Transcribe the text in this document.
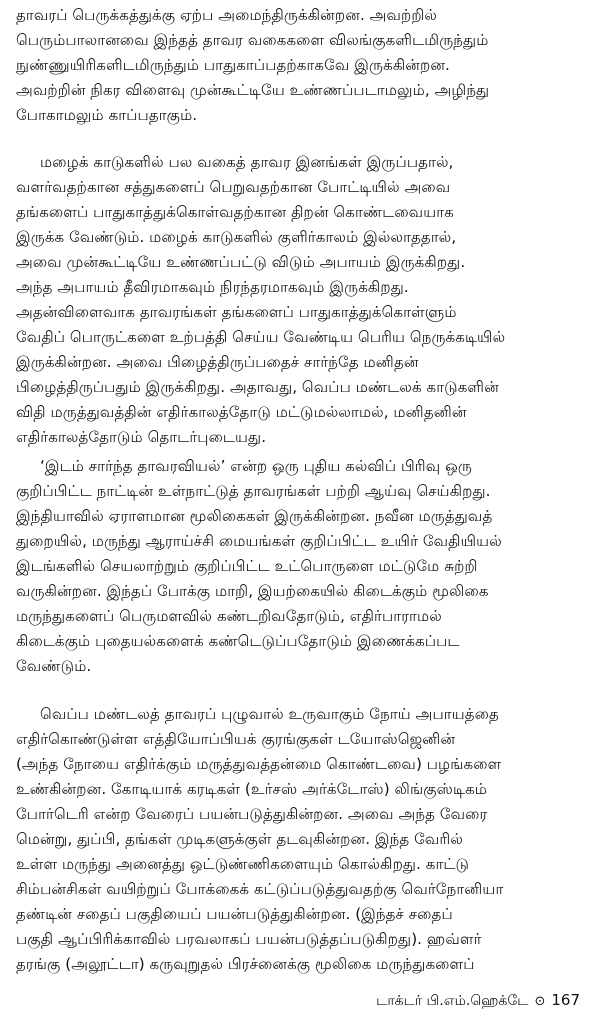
தாவரப் பெருக்கத்துக்கு ஏற்ப அமைந்திருக்கின்றன. அவற்றில்
பெரும்பாலானவை இந்தத் தாவர வகைகளை விலங்குகளிடமிருந்தும்
நுண்ணுயிரிகளிடமிருந்தும் பாதுகாப்பதற்காகவே இருக்கின்றன.
அவற்றின் நிகர விளைவு முன்கூட்டியே உண்ணப்படாமலும், அழிந்து
போகாமலும் காப்பதாகும்.
மழைக் காடுகளில் பல வகைத் தாவர இனங்கள் இருப்பதால்,
வளர்வதற்கான சத்துகளைப் பெறுவதற்கான போட்டியில் அவை
தங்களைப் பாதுகாத்துக்கொள்வதற்கான திறன் கொண்டவையாக
இருக்க வேண்டும். மழைக் காடுகளில் குளிர்காலம் இல்லாததால்,
அவை முன்கூட்டியே உண்ணப்பட்டு விடும் அபாயம் இருக்கிறது.
அந்த அபாயம் தீவிரமாகவும் நிரந்தரமாகவும் இருக்கிறது.
அதன்விளைவாக தாவரங்கள் தங்களைப் பாதுகாத்துக்கொள்ளும்
வேதிப் பொருட்களை உற்பத்தி செய்ய வேண்டிய பெரிய நெருக்கடியில்
இருக்கின்றன. அவை பிழைத்திருப்பதைச் சார்ந்தே மனிதன்
பிழைத்திருப்பதும் இருக்கிறது. அதாவது, வெப்ப மண்டலக் காடுகளின்
விதி மருத்துவத்தின் எதிர்காலத்தோடு மட்டுமல்லாமல், மனிதனின்
எதிர்காலத்தோடும் தொடர்புடையது.
‘இடம் சார்ந்த தாவரவியல்’ என்ற ஒரு புதிய கல்விப் பிரிவு ஒரு
குறிப்பிட்ட நாட்டின் உள்நாட்டுத் தாவரங்கள் பற்றி ஆய்வு செய்கிறது.
இந்தியாவில் ஏராளமான மூலிகைகள் இருக்கின்றன. நவீன மருத்துவத்
துறையில், மருந்து ஆராய்ச்சி மையங்கள் குறிப்பிட்ட உயிர் வேதியியல்
இடங்களில் செயலாற்றும் குறிப்பிட்ட உட்பொருளை மட்டுமே சுற்றி
வருகின்றன. இந்தப் போக்கு மாறி, இயற்கையில் கிடைக்கும் மூலிகை
மருந்துகளைப் பெருமளவில் கண்டறிவதோடும், எதிர்பாராமல்
கிடைக்கும் புதையல்களைக் கண்டெடுப்பதோடும் இணைக்கப்பட
வேண்டும்.
வெப்ப மண்டலத் தாவரப் புழுவால் உருவாகும் நோய் அபாயத்தை
எதிர்கொண்டுள்ள எத்தியோப்பியக் குரங்குகள் டயோஸ்ஜெனின்
(அந்த நோயை எதிர்க்கும் மருத்துவத்தன்மை கொண்டவை) பழங்களை
உண்கின்றன. கோடியாக் கரடிகள் (உர்சஸ் அர்க்டோஸ்) லிங்குஸ்டிகம்
போர்டெரி என்ற வேரைப் பயன்படுத்துகின்றன. அவை அந்த வேரை
மென்று, துப்பி, தங்கள் முடிகளுக்குள் தடவுகின்றன. இந்த வேரில்
உள்ள மருந்து அனைத்து ஒட்டுண்ணிகளையும் கொல்கிறது. காட்டு
சிம்பன்சிகள் வயிற்றுப் போக்கைக் கட்டுப்படுத்துவதற்கு வெர்நோனியா
தண்டின் சதைப் பகுதியைப் பயன்படுத்துகின்றன. (இந்தச் சதைப்
பகுதி ஆப்பிரிக்காவில் பரவலாகப் பயன்படுத்தப்படுகிறது). ஹவ்ளர்
தரங்கு (அலூட்டா) கருவுறுதல் பிரச்னைக்கு மூலிகை மருந்துகளைப்
டாக்டர் பி.எம்.ஹெக்டே ⊙ 167
